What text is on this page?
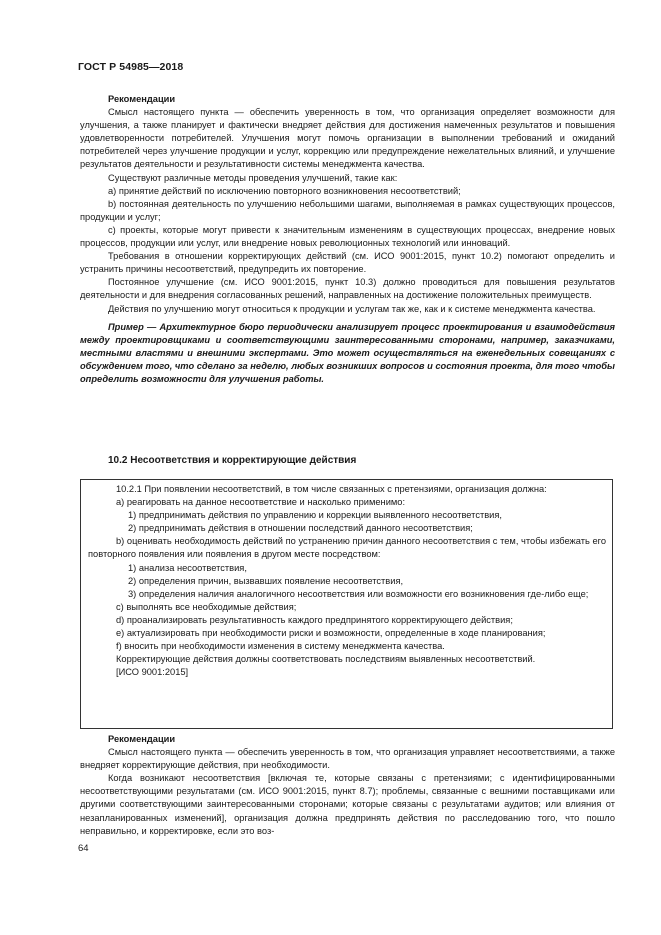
ГОСТ Р 54985—2018

Рекомендации

Смысл настоящего пункта — обеспечить уверенность в том, что организация определяет возможности для улучшения, а также планирует и фактически внедряет действия для достижения намеченных результатов и повышения удовлетворенности потребителей. Улучшения могут помочь организации в выполнении требований и ожиданий потребителей через улучшение продукции и услуг, коррекцию или предупреждение нежелательных влияний, и улучшение результатов деятельности и результативности системы менеджмента качества.

Существуют различные методы проведения улучшений, такие как:

a) принятие действий по исключению повторного возникновения несоответствий;

b) постоянная деятельность по улучшению небольшими шагами, выполняемая в рамках существующих процессов, продукции и услуг;

c) проекты, которые могут привести к значительным изменениям в существующих процессах, внедрение новых процессов, продукции или услуг, или внедрение новых революционных технологий или инноваций.

Требования в отношении корректирующих действий (см. ИСО 9001:2015, пункт 10.2) помогают определить и устранить причины несоответствий, предупредить их повторение.

Постоянное улучшение (см. ИСО 9001:2015, пункт 10.3) должно проводиться для повышения результатов деятельности и для внедрения согласованных решений, направленных на достижение положительных преимуществ.

Действия по улучшению могут относиться к продукции и услугам так же, как и к системе менеджмента качества.

Пример — Архитектурное бюро периодически анализирует процесс проектирования и взаимодействия между проектировщиками и соответствующими заинтересованными сторонами, например, заказчиками, местными властями и внешними экспертами. Это может осуществляться на еженедельных совещаниях с обсуждением того, что сделано за неделю, любых возникших вопросов и состояния проекта, для того чтобы определить возможности для улучшения работы.

10.2 Несоответствия и корректирующие действия

10.2.1 При появлении несоответствий, в том числе связанных с претензиями, организация должна:

a) реагировать на данное несоответствие и насколько применимо:

1) предпринимать действия по управлению и коррекции выявленного несоответствия,

2) предпринимать действия в отношении последствий данного несоответствия;

b) оценивать необходимость действий по устранению причин данного несоответствия с тем, чтобы избежать его повторного появления или появления в другом месте посредством:

1) анализа несоответствия,

2) определения причин, вызвавших появление несоответствия,

3) определения наличия аналогичного несоответствия или возможности его возникновения где-либо еще;

c) выполнять все необходимые действия;

d) проанализировать результативность каждого предпринятого корректирующего действия;

e) актуализировать при необходимости риски и возможности, определенные в ходе планирования;

f) вносить при необходимости изменения в систему менеджмента качества.

Корректирующие действия должны соответствовать последствиям выявленных несоответствий.

[ИСО 9001:2015]

Рекомендации

Смысл настоящего пункта — обеспечить уверенность в том, что организация управляет несоответствиями, а также внедряет корректирующие действия, при необходимости.

Когда возникают несоответствия [включая те, которые связаны с претензиями; с идентифицированными несоответствующими результатами (см. ИСО 9001:2015, пункт 8.7); проблемы, связанные с вешними поставщиками или другими соответствующими заинтересованными сторонами; которые связаны с результатами аудитов; или влияния от незапланированных изменений], организация должна предпринять действия по расследованию того, что пошло неправильно, и корректировке, если это воз-

64
